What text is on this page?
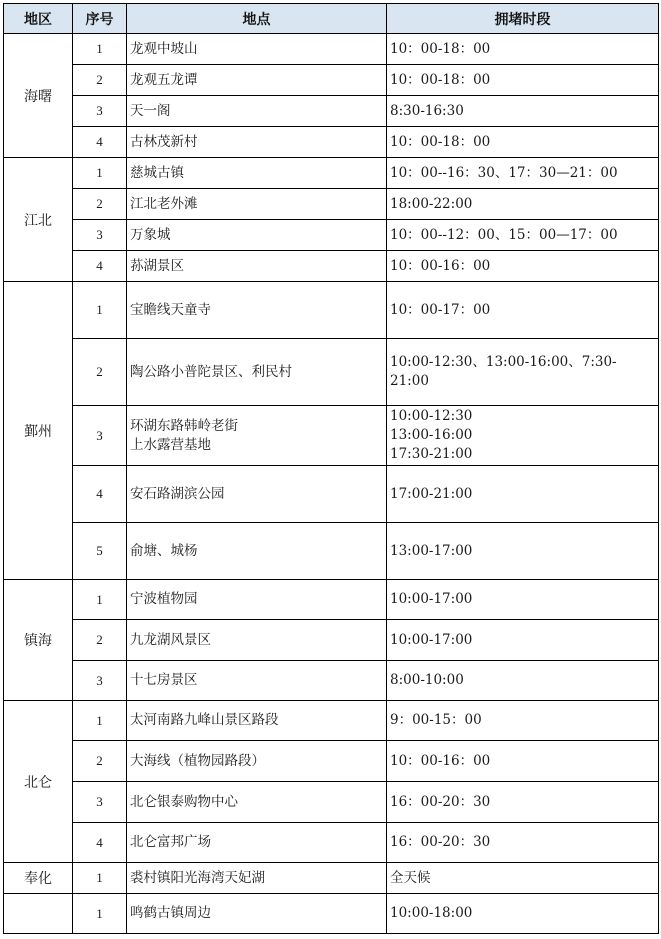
地区	序号	地点	拥堵时段
海曙	1	龙观中坡山	10：00-18：00

	2	龙观五龙谭	10：00-18：00

	3	天一阁	8:30-16:30

	4	古林茂新村	10：00-18：00

江北	1	慈城古镇	10：00--16：30、17：30—21：00

	2	江北老外滩	18:00-22:00

	3	万象城	10：00--12：00、15：00—17：00

	4	荪湖景区	10：00-16：00

鄞州	1	宝瞻线天童寺	10：00-17：00

	2	陶公路小普陀景区、利民村	10:00-12:30、13:00-16:00、7:30-
21:00

	3	环湖东路韩岭老街
上水露营基地	10:00-12:30
13:00-16:00
17:30-21:00

	4	安石路湖滨公园	17:00-21:00

	5	俞塘、城杨	13:00-17:00

镇海	1	宁波植物园	10:00-17:00

	2	九龙湖风景区	10:00-17:00

	3	十七房景区	8:00-10:00

北仑	1	太河南路九峰山景区路段	9：00-15：00

	2	大海线（植物园路段）	10：00-16：00

	3	北仑银泰购物中心	16：00-20：30

	4	北仑富邦广场	16：00-20：30

奉化	1	裘村镇阳光海湾天妃湖	全天候

	1	鸣鹤古镇周边	10:00-18:00
